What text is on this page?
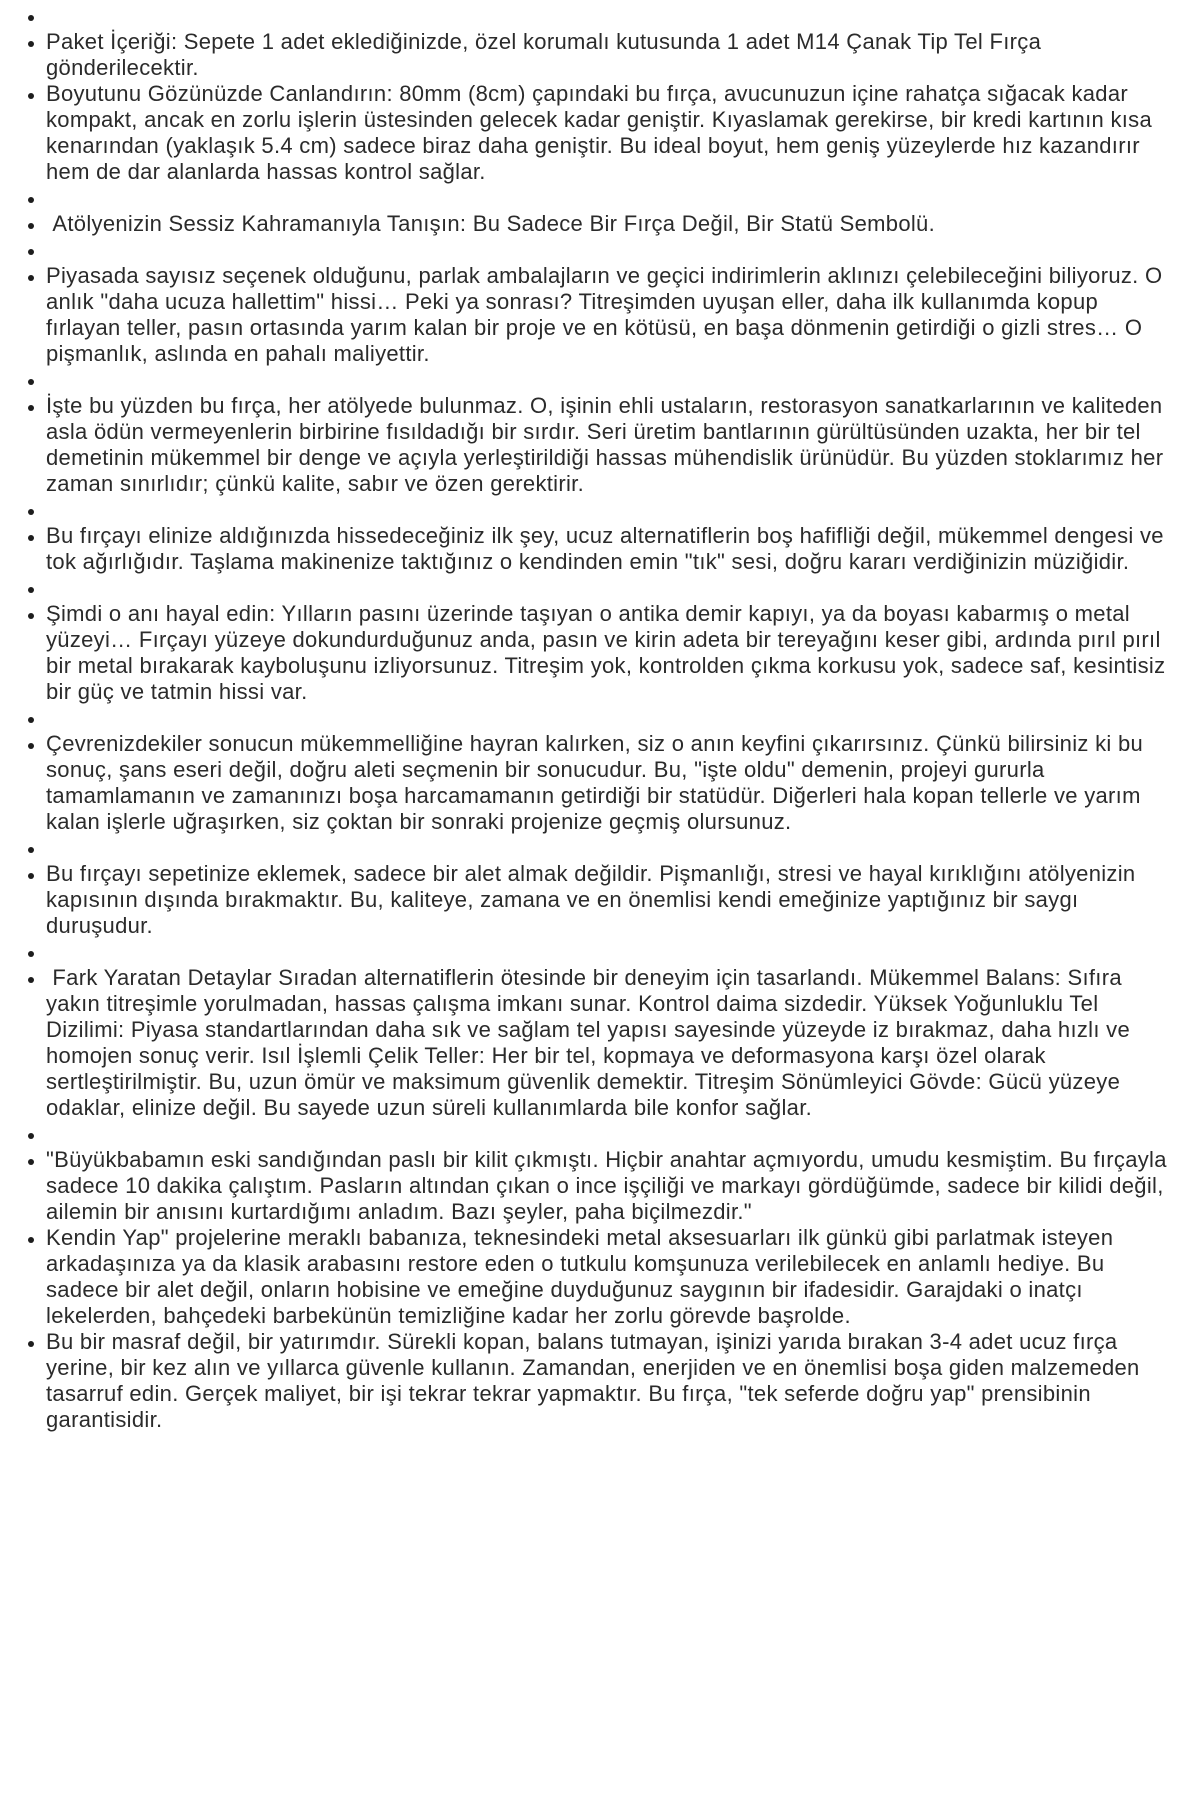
•
• Paket İçeriği: Sepete 1 adet eklediğinizde, özel korumalı kutusunda 1 adet M14 Çanak Tip Tel Fırça gönderilecektir.
• Boyutunu Gözünüzde Canlandırın: 80mm (8cm) çapındaki bu fırça, avucunuzun içine rahatça sığacak kadar kompakt, ancak en zorlu işlerin üstesinden gelecek kadar geniştir. Kıyaslamak gerekirse, bir kredi kartının kısa kenarından (yaklaşık 5.4 cm) sadece biraz daha geniştir. Bu ideal boyut, hem geniş yüzeylerde hız kazandırır hem de dar alanlarda hassas kontrol sağlar.
•
•  Atölyenizin Sessiz Kahramanıyla Tanışın: Bu Sadece Bir Fırça Değil, Bir Statü Sembolü.
•
• Piyasada sayısız seçenek olduğunu, parlak ambalajların ve geçici indirimlerin aklınızı çelebileceğini biliyoruz. O anlık "daha ucuza hallettim" hissi… Peki ya sonrası? Titreşimden uyuşan eller, daha ilk kullanımda kopup fırlayan teller, pasın ortasında yarım kalan bir proje ve en kötüsü, en başa dönmenin getirdiği o gizli stres… O pişmanlık, aslında en pahalı maliyettir.
•
• İşte bu yüzden bu fırça, her atölyede bulunmaz. O, işinin ehli ustaların, restorasyon sanatkarlarının ve kaliteden asla ödün vermeyenlerin birbirine fısıldadığı bir sırdır. Seri üretim bantlarının gürültüsünden uzakta, her bir tel demetinin mükemmel bir denge ve açıyla yerleştirildiği hassas mühendislik ürünüdür. Bu yüzden stoklarımız her zaman sınırlıdır; çünkü kalite, sabır ve özen gerektirir.
•
• Bu fırçayı elinize aldığınızda hissedeceğiniz ilk şey, ucuz alternatiflerin boş hafifliği değil, mükemmel dengesi ve tok ağırlığıdır. Taşlama makinenize taktığınız o kendinden emin "tık" sesi, doğru kararı verdiğinizin müziğidir.
•
• Şimdi o anı hayal edin: Yılların pasını üzerinde taşıyan o antika demir kapıyı, ya da boyası kabarmış o metal yüzeyi… Fırçayı yüzeye dokundurduğunuz anda, pasın ve kirin adeta bir tereyağını keser gibi, ardında pırıl pırıl bir metal bırakarak kayboluşunu izliyorsunuz. Titreşim yok, kontrolden çıkma korkusu yok, sadece saf, kesintisiz bir güç ve tatmin hissi var.
•
• Çevrenizdekiler sonucun mükemmelliğine hayran kalırken, siz o anın keyfini çıkarırsınız. Çünkü bilirsiniz ki bu sonuç, şans eseri değil, doğru aleti seçmenin bir sonucudur. Bu, "işte oldu" demenin, projeyi gururla tamamlamanın ve zamanınızı boşa harcamamanın getirdiği bir statüdür. Diğerleri hala kopan tellerle ve yarım kalan işlerle uğraşırken, siz çoktan bir sonraki projenize geçmiş olursunuz.
•
• Bu fırçayı sepetinize eklemek, sadece bir alet almak değildir. Pişmanlığı, stresi ve hayal kırıklığını atölyenizin kapısının dışında bırakmaktır. Bu, kaliteye, zamana ve en önemlisi kendi emeğinize yaptığınız bir saygı duruşudur.
•
•  Fark Yaratan Detaylar Sıradan alternatiflerin ötesinde bir deneyim için tasarlandı. Mükemmel Balans: Sıfıra yakın titreşimle yorulmadan, hassas çalışma imkanı sunar. Kontrol daima sizdedir. Yüksek Yoğunluklu Tel Dizilimi: Piyasa standartlarından daha sık ve sağlam tel yapısı sayesinde yüzeyde iz bırakmaz, daha hızlı ve homojen sonuç verir. Isıl İşlemli Çelik Teller: Her bir tel, kopmaya ve deformasyona karşı özel olarak sertleştirilmiştir. Bu, uzun ömür ve maksimum güvenlik demektir. Titreşim Sönümleyici Gövde: Gücü yüzeye odaklar, elinize değil. Bu sayede uzun süreli kullanımlarda bile konfor sağlar.
•
• "Büyükbabamın eski sandığından paslı bir kilit çıkmıştı. Hiçbir anahtar açmıyordu, umudu kesmiştim. Bu fırçayla sadece 10 dakika çalıştım. Pasların altından çıkan o ince işçiliği ve markayı gördüğümde, sadece bir kilidi değil, ailemin bir anısını kurtardığımı anladım. Bazı şeyler, paha biçilmezdir."
• Kendin Yap" projelerine meraklı babanıza, teknesindeki metal aksesuarları ilk günkü gibi parlatmak isteyen arkadaşınıza ya da klasik arabasını restore eden o tutkulu komşunuza verilebilecek en anlamlı hediye. Bu sadece bir alet değil, onların hobisine ve emeğine duyduğunuz saygının bir ifadesidir. Garajdaki o inatçı lekelerden, bahçedeki barbekünün temizliğine kadar her zorlu görevde başrolde.
• Bu bir masraf değil, bir yatırımdır. Sürekli kopan, balans tutmayan, işinizi yarıda bırakan 3-4 adet ucuz fırça yerine, bir kez alın ve yıllarca güvenle kullanın. Zamandan, enerjiden ve en önemlisi boşa giden malzemeden tasarruf edin. Gerçek maliyet, bir işi tekrar tekrar yapmaktır. Bu fırça, "tek seferde doğru yap" prensibinin garantisidir.
